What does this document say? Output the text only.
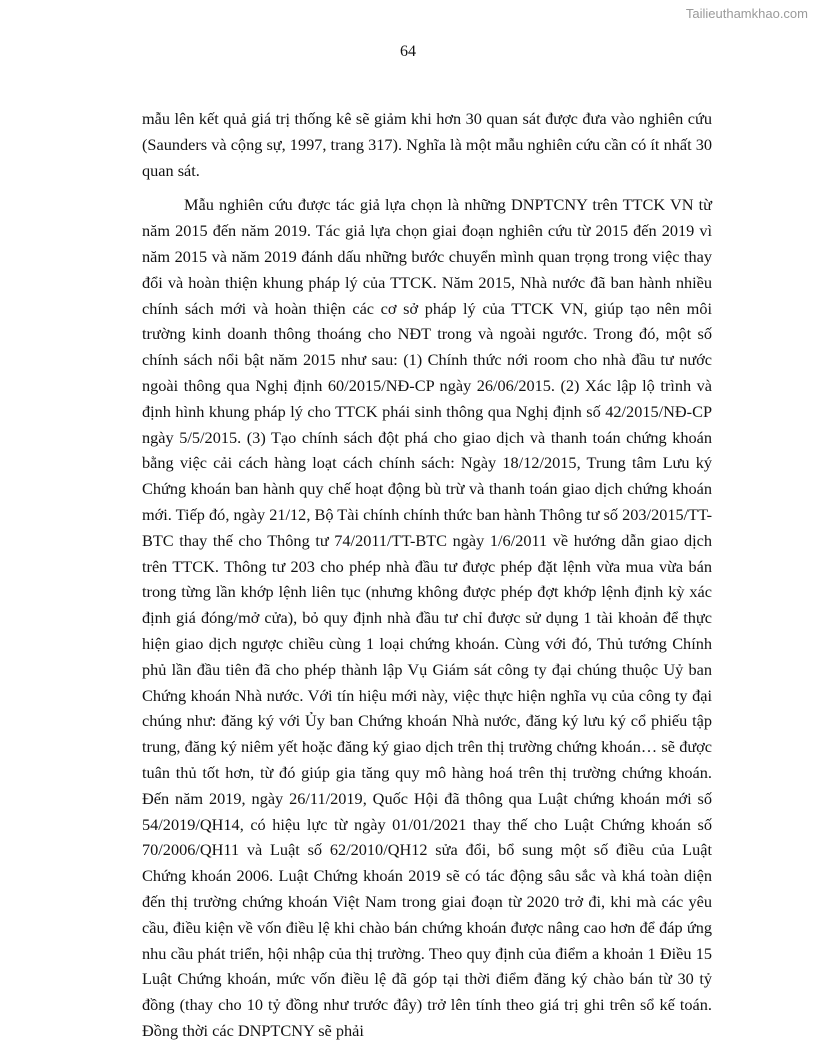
Tailieuthamkhao.com
64

mẫu lên kết quả giá trị thống kê sẽ giảm khi hơn 30 quan sát được đưa vào nghiên cứu (Saunders và cộng sự, 1997, trang 317). Nghĩa là một mẫu nghiên cứu cần có ít nhất 30 quan sát.

Mẫu nghiên cứu được tác giả lựa chọn là những DNPTCNY trên TTCK VN từ năm 2015 đến năm 2019. Tác giả lựa chọn giai đoạn nghiên cứu từ 2015 đến 2019 vì năm 2015 và năm 2019 đánh dấu những bước chuyển mình quan trọng trong việc thay đổi và hoàn thiện khung pháp lý của TTCK. Năm 2015, Nhà nước đã ban hành nhiều chính sách mới và hoàn thiện các cơ sở pháp lý của TTCK VN, giúp tạo nên môi trường kinh doanh thông thoáng cho NĐT trong và ngoài ngước. Trong đó, một số chính sách nổi bật năm 2015 như sau: (1) Chính thức nới room cho nhà đầu tư nước ngoài thông qua Nghị định 60/2015/NĐ-CP ngày 26/06/2015. (2) Xác lập lộ trình và định hình khung pháp lý cho TTCK phái sinh thông qua Nghị định số 42/2015/NĐ-CP ngày 5/5/2015. (3) Tạo chính sách đột phá cho giao dịch và thanh toán chứng khoán bằng việc cải cách hàng loạt cách chính sách: Ngày 18/12/2015, Trung tâm Lưu ký Chứng khoán ban hành quy chế hoạt động bù trừ và thanh toán giao dịch chứng khoán mới. Tiếp đó, ngày 21/12, Bộ Tài chính chính thức ban hành Thông tư số 203/2015/TT-BTC thay thế cho Thông tư 74/2011/TT-BTC ngày 1/6/2011 về hướng dẫn giao dịch trên TTCK. Thông tư 203 cho phép nhà đầu tư được phép đặt lệnh vừa mua vừa bán trong từng lần khớp lệnh liên tục (nhưng không được phép đợt khớp lệnh định kỳ xác định giá đóng/mở cửa), bỏ quy định nhà đầu tư chỉ được sử dụng 1 tài khoản để thực hiện giao dịch ngược chiều cùng 1 loại chứng khoán. Cùng với đó, Thủ tướng Chính phủ lần đầu tiên đã cho phép thành lập Vụ Giám sát công ty đại chúng thuộc Uỷ ban Chứng khoán Nhà nước. Với tín hiệu mới này, việc thực hiện nghĩa vụ của công ty đại chúng như: đăng ký với Ủy ban Chứng khoán Nhà nước, đăng ký lưu ký cổ phiếu tập trung, đăng ký niêm yết hoặc đăng ký giao dịch trên thị trường chứng khoán… sẽ được tuân thủ tốt hơn, từ đó giúp gia tăng quy mô hàng hoá trên thị trường chứng khoán. Đến năm 2019, ngày 26/11/2019, Quốc Hội đã thông qua Luật chứng khoán mới số 54/2019/QH14, có hiệu lực từ ngày 01/01/2021 thay thế cho Luật Chứng khoán số 70/2006/QH11 và Luật số 62/2010/QH12 sửa đổi, bổ sung một số điều của Luật Chứng khoán 2006. Luật Chứng khoán 2019 sẽ có tác động sâu sắc và khá toàn diện đến thị trường chứng khoán Việt Nam trong giai đoạn từ 2020 trở đi, khi mà các yêu cầu, điều kiện về vốn điều lệ khi chào bán chứng khoán được nâng cao hơn để đáp ứng nhu cầu phát triển, hội nhập của thị trường. Theo quy định của điểm a khoản 1 Điều 15 Luật Chứng khoán, mức vốn điều lệ đã góp tại thời điểm đăng ký chào bán từ 30 tỷ đồng (thay cho 10 tỷ đồng như trước đây) trở lên tính theo giá trị ghi trên sổ kế toán. Đồng thời các DNPTCNY sẽ phải
